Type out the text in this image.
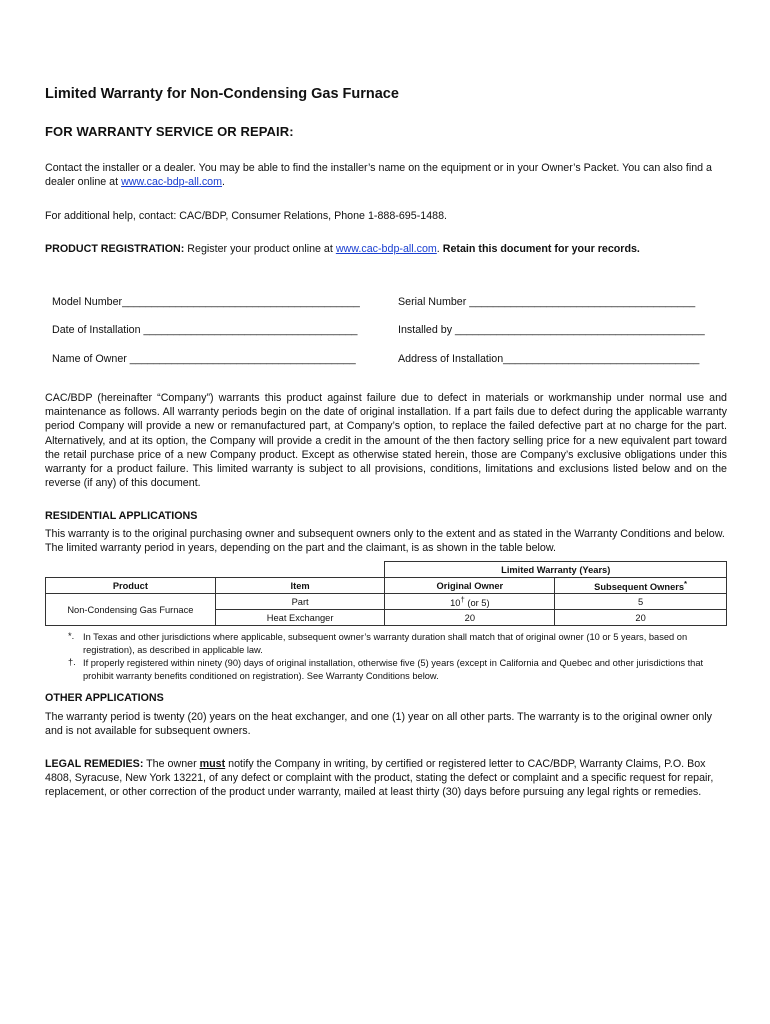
Limited Warranty for Non-Condensing Gas Furnace
FOR WARRANTY SERVICE OR REPAIR:
Contact the installer or a dealer. You may be able to find the installer’s name on the equipment or in your Owner’s Packet. You can also find a dealer online at www.cac-bdp-all.com.
For additional help, contact: CAC/BDP, Consumer Relations, Phone 1-888-695-1488.
PRODUCT REGISTRATION: Register your product online at www.cac-bdp-all.com. Retain this document for your records.
Model Number________________________________________	Serial Number ______________________________________
Date of Installation ____________________________________	Installed by __________________________________________
Name of Owner ______________________________________	Address of Installation_________________________________
CAC/BDP (hereinafter “Company”) warrants this product against failure due to defect in materials or workmanship under normal use and maintenance as follows. All warranty periods begin on the date of original installation. If a part fails due to defect during the applicable warranty period Company will provide a new or remanufactured part, at Company’s option, to replace the failed defective part at no charge for the part. Alternatively, and at its option, the Company will provide a credit in the amount of the then factory selling price for a new equivalent part toward the retail purchase price of a new Company product. Except as otherwise stated herein, those are Company’s exclusive obligations under this warranty for a product failure. This limited warranty is subject to all provisions, conditions, limitations and exclusions listed below and on the reverse (if any) of this document.
RESIDENTIAL APPLICATIONS
This warranty is to the original purchasing owner and subsequent owners only to the extent and as stated in the Warranty Conditions and below. The limited warranty period in years, depending on the part and the claimant, is as shown in the table below.
		Limited Warranty (Years)	
Product	Item	Original Owner	Subsequent Owners*
Non-Condensing Gas Furnace	Part	10† (or 5)	5
	Heat Exchanger	20	20
*. In Texas and other jurisdictions where applicable, subsequent owner’s warranty duration shall match that of original owner (10 or 5 years, based on registration), as described in applicable law.
†. If properly registered within ninety (90) days of original installation, otherwise five (5) years (except in California and Quebec and other jurisdictions that prohibit warranty benefits conditioned on registration). See Warranty Conditions below.
OTHER APPLICATIONS
The warranty period is twenty (20) years on the heat exchanger, and one (1) year on all other parts. The warranty is to the original owner only and is not available for subsequent owners.
LEGAL REMEDIES: The owner must notify the Company in writing, by certified or registered letter to CAC/BDP, Warranty Claims, P.O. Box 4808, Syracuse, New York 13221, of any defect or complaint with the product, stating the defect or complaint and a specific request for repair, replacement, or other correction of the product under warranty, mailed at least thirty (30) days before pursuing any legal rights or remedies.
